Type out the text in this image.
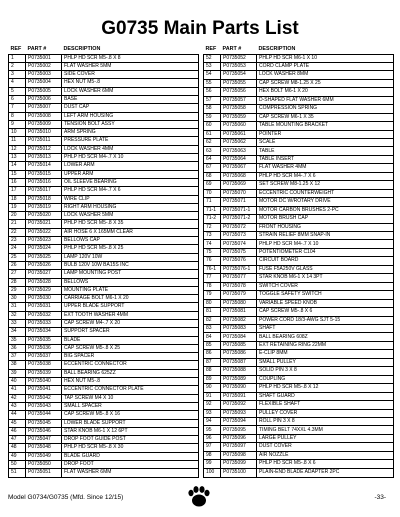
G0735 Main Parts List
REF	PART #	DESCRIPTION
1	P0735001	PHLP HD SCR M5-.8 X 8
2	P0735002	FLAT WASHER 5MM
3	P0735003	SIDE COVER
4	P0735004	HEX NUT M5-.8
5	P0735005	LOCK WASHER 6MM
6	P0735006	BASE
7	P0735007	DUST CAP
8	P0735008	LEFT ARM HOUSING
9	P0735009	TENSION BOLT ASSY
10	P0735010	ARM SPRING
11	P0735011	PRESSURE PLATE
12	P0735012	LOCK WASHER 4MM
13	P0735013	PHLP HD SCR M4-.7 X 10
14	P0735014	LOWER ARM
15	P0735015	UPPER ARM
16	P0735016	OIL SLEEVE BEARING
17	P0735017	PHLP HD SCR M4-.7 X 6
18	P0735018	WIRE CLIP
19	P0735019	RIGHT ARM HOUSING
20	P0735020	LOCK WASHER 5MM
21	P0735021	PHLP HD SCR M5-.8 X 35
22	P0735022	AIR HOSE 6 X 165MM CLEAR
23	P0735023	BELLOWS CAP
24	P0735024	PHLP HD SCR M5-.8 X 25
25	P0735025	LAMP 120V 10W
26	P0735026	BULB 120V 10W BA15S INC
27	P0735027	LAMP MOUNTING POST
28	P0735028	BELLOWS
29	P0735029	MOUNTING PLATE
30	P0735030	CARRIAGE BOLT M6-1 X 20
31	P0735031	UPPER BLADE SUPPORT
32	P0735032	EXT TOOTH WASHER 4MM
33	P0735033	CAP SCREW M4-.7 X 20
34	P0735034	SUPPORT SPACER
35	P0735035	BLADE
36	P0735036	CAP SCREW M5-.8 X 25
37	P0735037	BIG SPACER
38	P0735038	ECCENTRIC CONNECTOR
39	P0735039	BALL BEARING 625ZZ
40	P0735040	HEX NUT M5-.8
41	P0735041	ECCENTRIC CONNECTOR PLATE
42	P0735042	TAP SCREW M4 X 10
43	P0735043	SMALL SPACER
44	P0735044	CAP SCREW M5-.8 X 16
45	P0735045	LOWER BLADE SUPPORT
46	P0735046	STAR KNOB M6-1 X 12 6PT
47	P0735047	DROP FOOT GUIDE POST
48	P0735048	PHLP HD SCR M5-.8 X 30
49	P0735049	BLADE GUARD
50	P0735050	DROP FOOT
51	P0735051	FLAT WASHER 6MM
REF	PART #	DESCRIPTION
52	P0735052	PHLP HD SCR M6-1 X 10
53	P0735053	CORD CLAMP PLATE
54	P0735054	LOCK WASHER 8MM
55	P0735055	CAP SCREW M8-1.25 X 25
56	P0735056	HEX BOLT M6-1 X 20
57	P0735057	D-SHAPED FLAT WASHER 6MM
58	P0735058	COMPRESSION SPRING
59	P0735059	CAP SCREW M6-1 X 35
60	P0735060	TABLE MOUNTING BRACKET
61	P0735061	POINTER
62	P0735062	SCALE
63	P0735063	TABLE
64	P0735064	TABLE INSERT
67	P0735067	FLAT WASHER 4MM
68	P0735068	PHLP HD SCR M4-.7 X 6
69	P0735069	SET SCREW M8-1.25 X 12
70	P0735070	ECCENTRIC COUNTERWEIGHT
71	P0735071	MOTOR DC W/ROTARY DRIVE
71-1	P0735071-1	MOTOR CARBON BRUSHES 2-PC
71-2	P0735071-2	MOTOR BRUSH CAP
72	P0735072	FRONT HOUSING
73	P0735073	STRAIN RELIEF 8MM SNAP-IN
74	P0735074	PHLP HD SCR M4-.7 X 10
75	P0735075	POTENTIOMETER C104
76	P0735076	CIRCUIT BOARD
76-1	P0735076-1	FUSE F5A250V GLASS
77	P0735077	STAR KNOB M6-1 X 14 3PT
78	P0735078	SWITCH COVER
79	P0735079	TOGGLE SAFETY SWITCH
80	P0735080	VARIABLE SPEED KNOB
81	P0735081	CAP SCREW M5-.8 X 6
82	P0735082	POWER CORD 18/3-AWG SJT 5-15
83	P0735083	SHAFT
84	P0735084	BALL BEARING 608Z
85	P0735085	EXT RETAINING RING 22MM
86	P0735086	E-CLIP 8MM
87	P0735087	SMALL PULLEY
88	P0735088	SOLID PIN 3 X 8
89	P0735089	COUPLING
90	P0735090	PHLP HD SCR M5-.8 X 12
91	P0735091	SHAFT GUARD
92	P0735092	FLEXIBLE SHAFT
93	P0735093	PULLEY COVER
94	P0735094	ROLL PIN 3 X 8
95	P0735095	TIMING BELT 74XXL 4.3MM
96	P0735096	LARGE PULLEY
97	P0735097	DUST COVER
98	P0735098	AIR NOZZLE
99	P0735099	PHLP HD SCR M5-.8 X 6
100	P0735100	PLAIN-END BLADE ADAPTER 2PC
Model G0734/G0735 (Mfd. Since 12/15)	-33-
